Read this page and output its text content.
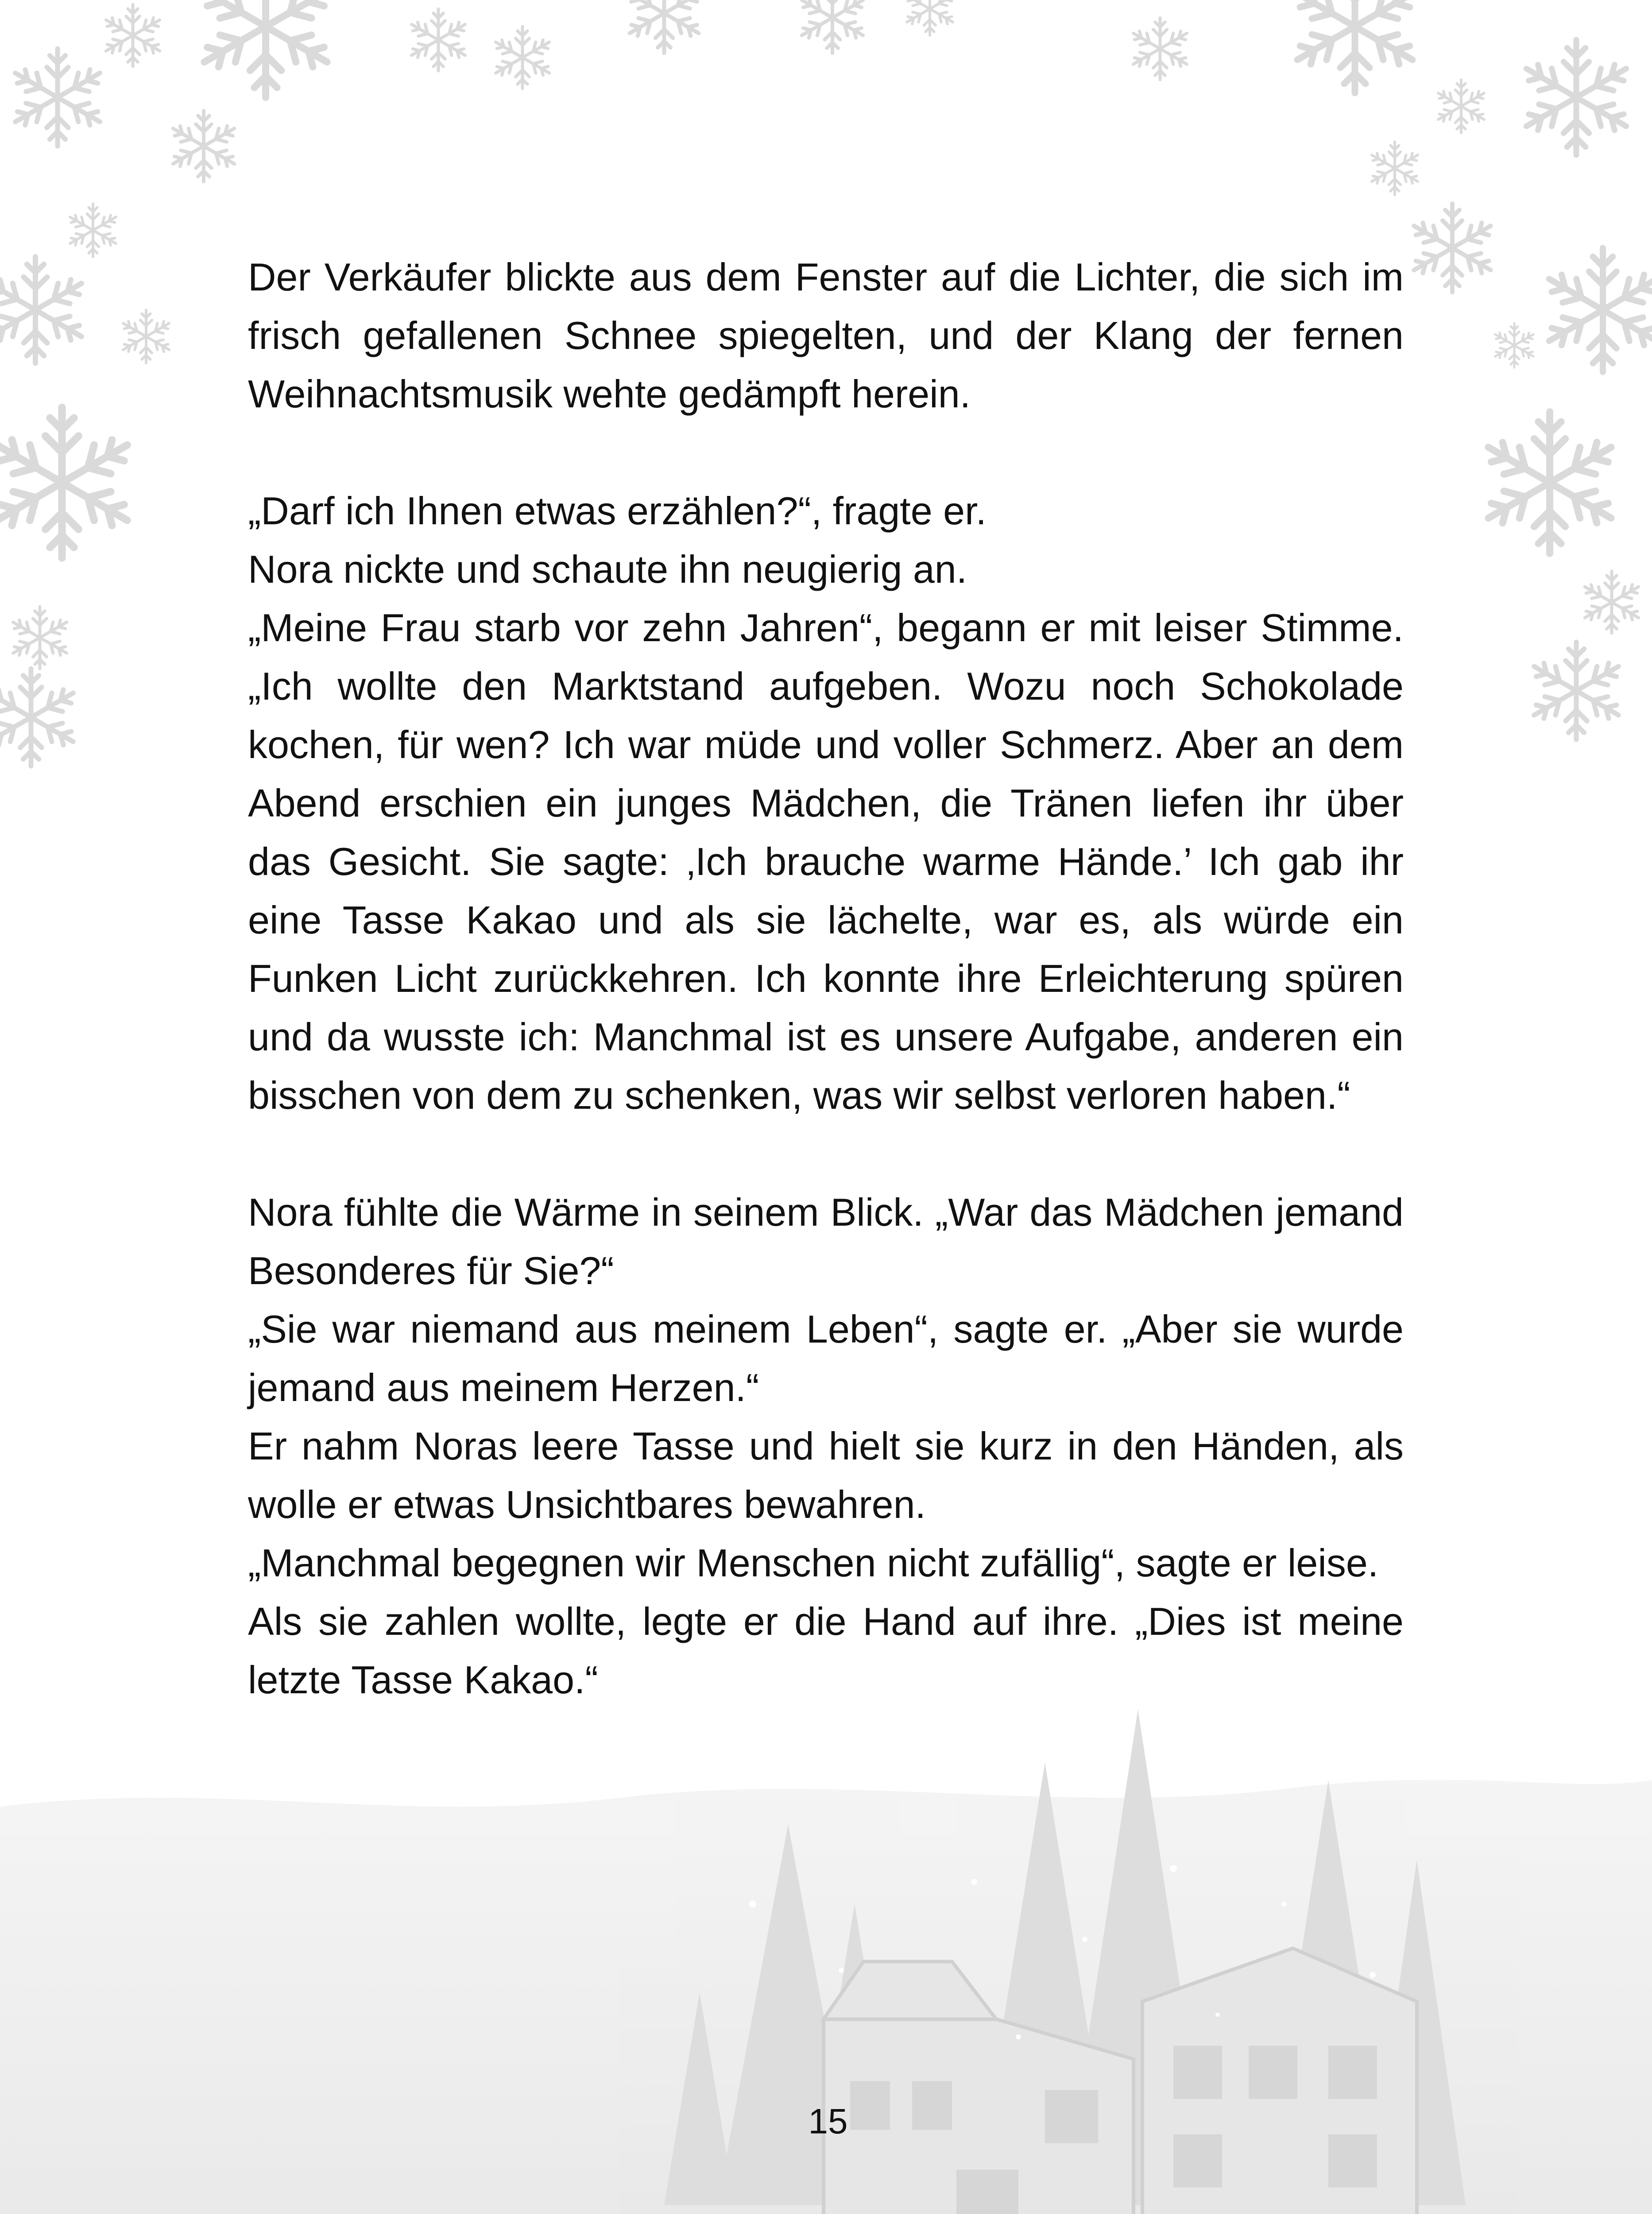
Der Verkäufer blickte aus dem Fenster auf die Lichter, die sich im frisch gefallenen Schnee spiegelten, und der Klang der fernen Weihnachtsmusik wehte gedämpft herein.

„Darf ich Ihnen etwas erzählen?“, fragte er.

Nora nickte und schaute ihn neugierig an.

„Meine Frau starb vor zehn Jahren“, begann er mit leiser Stimme. „Ich wollte den Marktstand aufgeben. Wozu noch Schokolade kochen, für wen? Ich war müde und voller Schmerz. Aber an dem Abend erschien ein junges Mädchen, die Tränen liefen ihr über das Gesicht. Sie sagte: ‚Ich brauche warme Hände.’ Ich gab ihr eine Tasse Kakao und als sie lächelte, war es, als würde ein Funken Licht zurückkehren. Ich konnte ihre Erleichterung spüren und da wusste ich: Manchmal ist es unsere Aufgabe, anderen ein bisschen von dem zu schenken, was wir selbst verloren haben.“

Nora fühlte die Wärme in seinem Blick. „War das Mädchen jemand Besonderes für Sie?“

„Sie war niemand aus meinem Leben“, sagte er. „Aber sie wurde jemand aus meinem Herzen.“

Er nahm Noras leere Tasse und hielt sie kurz in den Händen, als wolle er etwas Unsichtbares bewahren.

„Manchmal begegnen wir Menschen nicht zufällig“, sagte er leise.

Als sie zahlen wollte, legte er die Hand auf ihre. „Dies ist meine letzte Tasse Kakao.“

15
